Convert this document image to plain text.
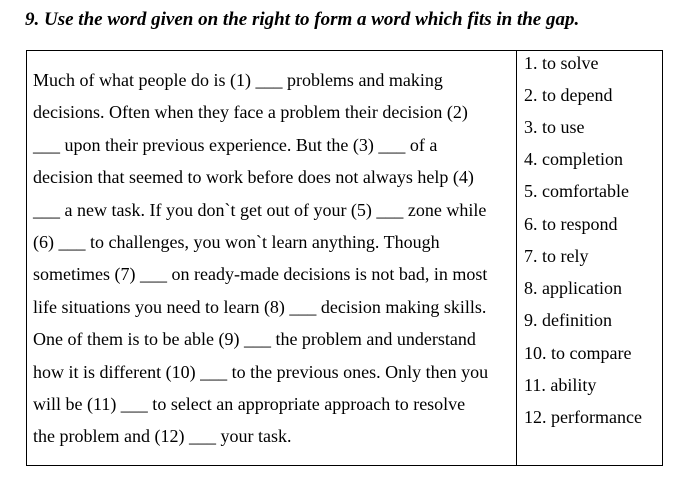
9. Use the word given on the right to form a word which fits in the gap.
Much of what people do is (1) ___ problems and making
decisions. Often when they face a problem their decision (2)
___ upon their previous experience. But the (3) ___ of a
decision that seemed to work before does not always help (4)
___ a new task. If you don`t get out of your (5) ___ zone while
(6) ___ to challenges, you won`t learn anything. Though
sometimes (7) ___ on ready-made decisions is not bad, in most
life situations you need to learn (8) ___ decision making skills.
One of them is to be able (9) ___ the problem and understand
how it is different (10) ___ to the previous ones. Only then you
will be (11) ___ to select an appropriate approach to resolve
the problem and (12) ___ your task.
1. to solve
2. to depend
3. to use
4. completion
5. comfortable
6. to respond
7. to rely
8. application
9. definition
10. to compare
11. ability
12. performance
